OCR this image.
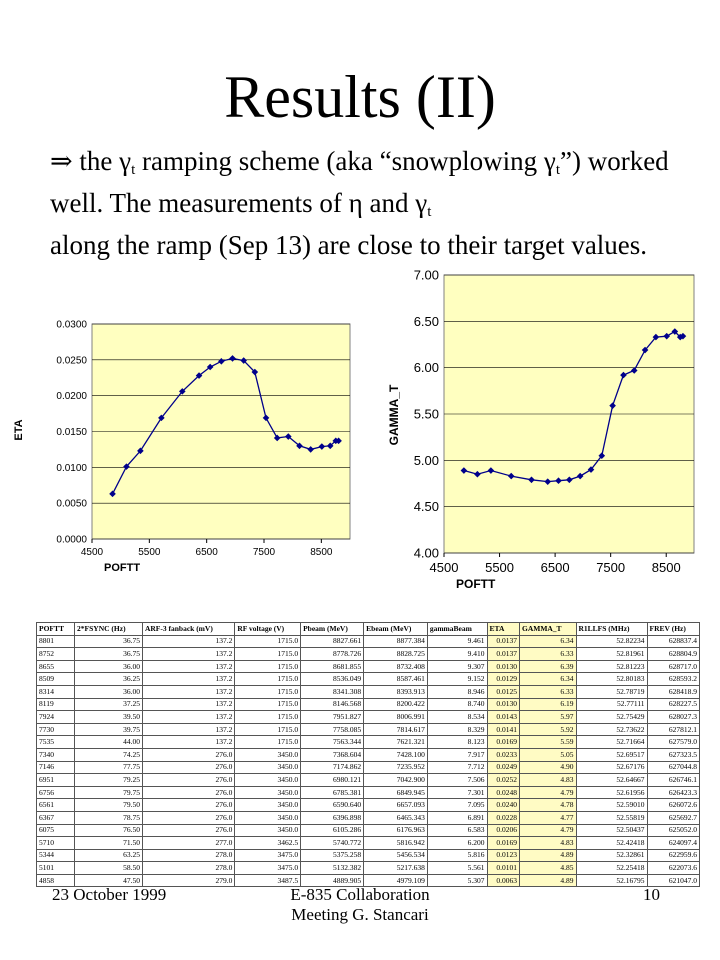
Results (II)
⇒ the $\gamma_t$ ramping scheme (aka “snowplowing $\gamma_t$”) worked well. The measurements of η and $\gamma_t$
along the ramp (Sep 13) are close to their target values.
0.0000
0.0050
0.0100
0.0150
0.0200
0.0250
0.0300
4500	5500	6500	7500	8500
POFTT
ETA
4.00
4.50
5.00
5.50
6.00
6.50
7.00
4500 5500 6500 7500 8500
POFTT
GAMMA_T
POFTT	2*FSYNC (Hz)	ARF-3 fanback (mV)	RF voltage (V)	Pbeam (MeV)	Ebeam (MeV)	gammaBeam	ETA	GAMMA_T	R1LLFS (MHz)	FREV (Hz)
8801	36.75	137.2	1715.0	8827.661	8877.384	9.461	0.0137	6.34	52.82234	628837.4
8752	36.75	137.2	1715.0	8778.726	8828.725	9.410	0.0137	6.33	52.81961	628804.9
8655	36.00	137.2	1715.0	8681.855	8732.408	9.307	0.0130	6.39	52.81223	628717.0
8509	36.25	137.2	1715.0	8536.049	8587.461	9.152	0.0129	6.34	52.80183	628593.2
8314	36.00	137.2	1715.0	8341.308	8393.913	8.946	0.0125	6.33	52.78719	628418.9
8119	37.25	137.2	1715.0	8146.568	8200.422	8.740	0.0130	6.19	52.77111	628227.5
7924	39.50	137.2	1715.0	7951.827	8006.991	8.534	0.0143	5.97	52.75429	628027.3
7730	39.75	137.2	1715.0	7758.085	7814.617	8.329	0.0141	5.92	52.73622	627812.1
7535	44.00	137.2	1715.0	7563.344	7621.321	8.123	0.0169	5.59	52.71664	627579.0
7340	74.25	276.0	3450.0	7368.604	7428.100	7.917	0.0233	5.05	52.69517	627323.5
7146	77.75	276.0	3450.0	7174.862	7235.952	7.712	0.0249	4.90	52.67176	627044.8
6951	79.25	276.0	3450.0	6980.121	7042.900	7.506	0.0252	4.83	52.64667	626746.1
6756	79.75	276.0	3450.0	6785.381	6849.945	7.301	0.0248	4.79	52.61956	626423.3
6561	79.50	276.0	3450.0	6590.640	6657.093	7.095	0.0240	4.78	52.59010	626072.6
6367	78.75	276.0	3450.0	6396.898	6465.343	6.891	0.0228	4.77	52.55819	625692.7
6075	76.50	276.0	3450.0	6105.286	6176.963	6.583	0.0206	4.79	52.50437	625052.0
5710	71.50	277.0	3462.5	5740.772	5816.942	6.200	0.0169	4.83	52.42418	624097.4
5344	63.25	278.0	3475.0	5375.258	5456.534	5.816	0.0123	4.89	52.32861	622959.6
5101	58.50	278.0	3475.0	5132.382	5217.638	5.561	0.0101	4.85	52.25418	622073.6
4858	47.50	279.0	3487.5	4889.905	4979.109	5.307	0.0063	4.89	52.16795	621047.0
23 October 1999	E-835 Collaboration
Meeting G. Stancari
10
